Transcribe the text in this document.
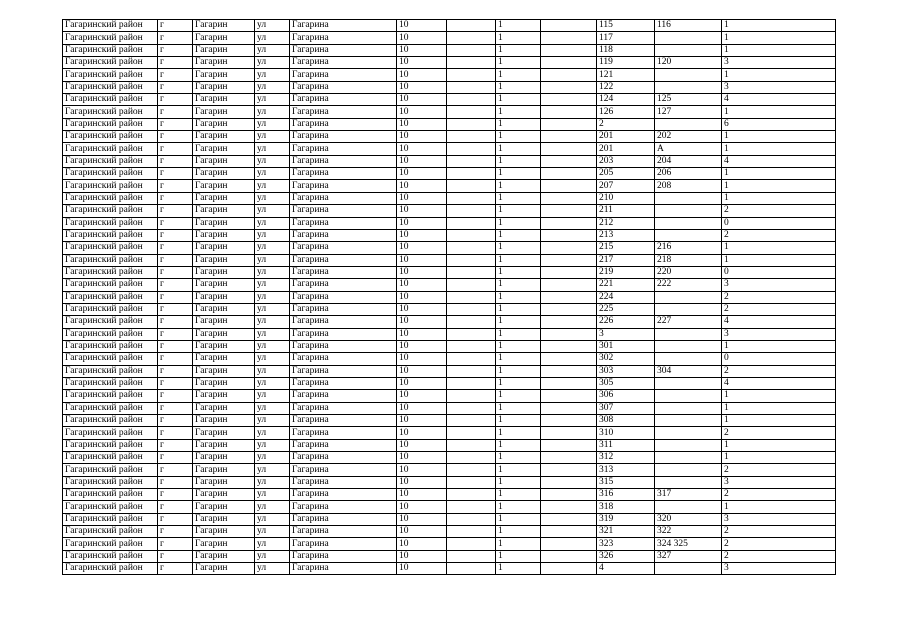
Гагаринский район	г	Гагарин	ул	Гагарина	10		1		115	116	1
Гагаринский район	г	Гагарин	ул	Гагарина	10		1		117		1
Гагаринский район	г	Гагарин	ул	Гагарина	10		1		118		1
Гагаринский район	г	Гагарин	ул	Гагарина	10		1		119	120	3
Гагаринский район	г	Гагарин	ул	Гагарина	10		1		121		1
Гагаринский район	г	Гагарин	ул	Гагарина	10		1		122		3
Гагаринский район	г	Гагарин	ул	Гагарина	10		1		124	125	4
Гагаринский район	г	Гагарин	ул	Гагарина	10		1		126	127	1
Гагаринский район	г	Гагарин	ул	Гагарина	10		1		2		6
Гагаринский район	г	Гагарин	ул	Гагарина	10		1		201	202	1
Гагаринский район	г	Гагарин	ул	Гагарина	10		1		201	А	1
Гагаринский район	г	Гагарин	ул	Гагарина	10		1		203	204	4
Гагаринский район	г	Гагарин	ул	Гагарина	10		1		205	206	1
Гагаринский район	г	Гагарин	ул	Гагарина	10		1		207	208	1
Гагаринский район	г	Гагарин	ул	Гагарина	10		1		210		1
Гагаринский район	г	Гагарин	ул	Гагарина	10		1		211		2
Гагаринский район	г	Гагарин	ул	Гагарина	10		1		212		0
Гагаринский район	г	Гагарин	ул	Гагарина	10		1		213		2
Гагаринский район	г	Гагарин	ул	Гагарина	10		1		215	216	1
Гагаринский район	г	Гагарин	ул	Гагарина	10		1		217	218	1
Гагаринский район	г	Гагарин	ул	Гагарина	10		1		219	220	0
Гагаринский район	г	Гагарин	ул	Гагарина	10		1		221	222	3
Гагаринский район	г	Гагарин	ул	Гагарина	10		1		224		2
Гагаринский район	г	Гагарин	ул	Гагарина	10		1		225		2
Гагаринский район	г	Гагарин	ул	Гагарина	10		1		226	227	4
Гагаринский район	г	Гагарин	ул	Гагарина	10		1		3		3
Гагаринский район	г	Гагарин	ул	Гагарина	10		1		301		1
Гагаринский район	г	Гагарин	ул	Гагарина	10		1		302		0
Гагаринский район	г	Гагарин	ул	Гагарина	10		1		303	304	2
Гагаринский район	г	Гагарин	ул	Гагарина	10		1		305		4
Гагаринский район	г	Гагарин	ул	Гагарина	10		1		306		1
Гагаринский район	г	Гагарин	ул	Гагарина	10		1		307		1
Гагаринский район	г	Гагарин	ул	Гагарина	10		1		308		1
Гагаринский район	г	Гагарин	ул	Гагарина	10		1		310		2
Гагаринский район	г	Гагарин	ул	Гагарина	10		1		311		1
Гагаринский район	г	Гагарин	ул	Гагарина	10		1		312		1
Гагаринский район	г	Гагарин	ул	Гагарина	10		1		313		2
Гагаринский район	г	Гагарин	ул	Гагарина	10		1		315		3
Гагаринский район	г	Гагарин	ул	Гагарина	10		1		316	317	2
Гагаринский район	г	Гагарин	ул	Гагарина	10		1		318		1
Гагаринский район	г	Гагарин	ул	Гагарина	10		1		319	320	3
Гагаринский район	г	Гагарин	ул	Гагарина	10		1		321	322	2
Гагаринский район	г	Гагарин	ул	Гагарина	10		1		323	324 325	2
Гагаринский район	г	Гагарин	ул	Гагарина	10		1		326	327	2
Гагаринский район	г	Гагарин	ул	Гагарина	10		1		4		3
